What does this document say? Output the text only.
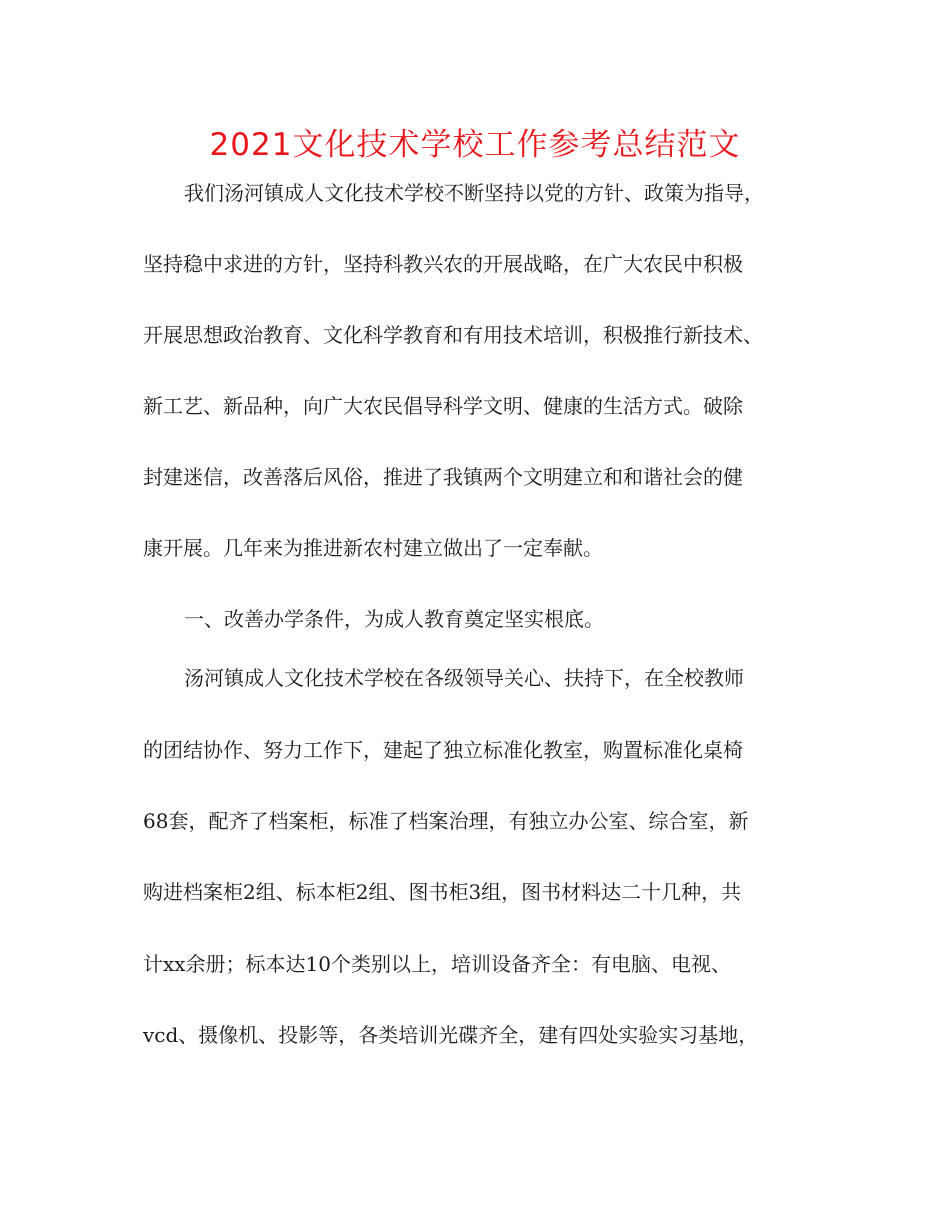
2021文化技术学校工作参考总结范文
我们汤河镇成人文化技术学校不断坚持以党的方针、政策为指导，
坚持稳中求进的方针，坚持科教兴农的开展战略，在广大农民中积极
开展思想政治教育、文化科学教育和有用技术培训，积极推行新技术、
新工艺、新品种，向广大农民倡导科学文明、健康的生活方式。破除
封建迷信，改善落后风俗，推进了我镇两个文明建立和和谐社会的健
康开展。几年来为推进新农村建立做出了一定奉献。
一、改善办学条件，为成人教育奠定坚实根底。
汤河镇成人文化技术学校在各级领导关心、扶持下，在全校教师
的团结协作、努力工作下，建起了独立标准化教室，购置标准化桌椅
68套，配齐了档案柜，标准了档案治理，有独立办公室、综合室，新
购进档案柜2组、标本柜2组、图书柜3组，图书材料达二十几种，共
计xx余册；标本达10个类别以上，培训设备齐全：有电脑、电视、
vcd、摄像机、投影等，各类培训光碟齐全，建有四处实验实习基地，
